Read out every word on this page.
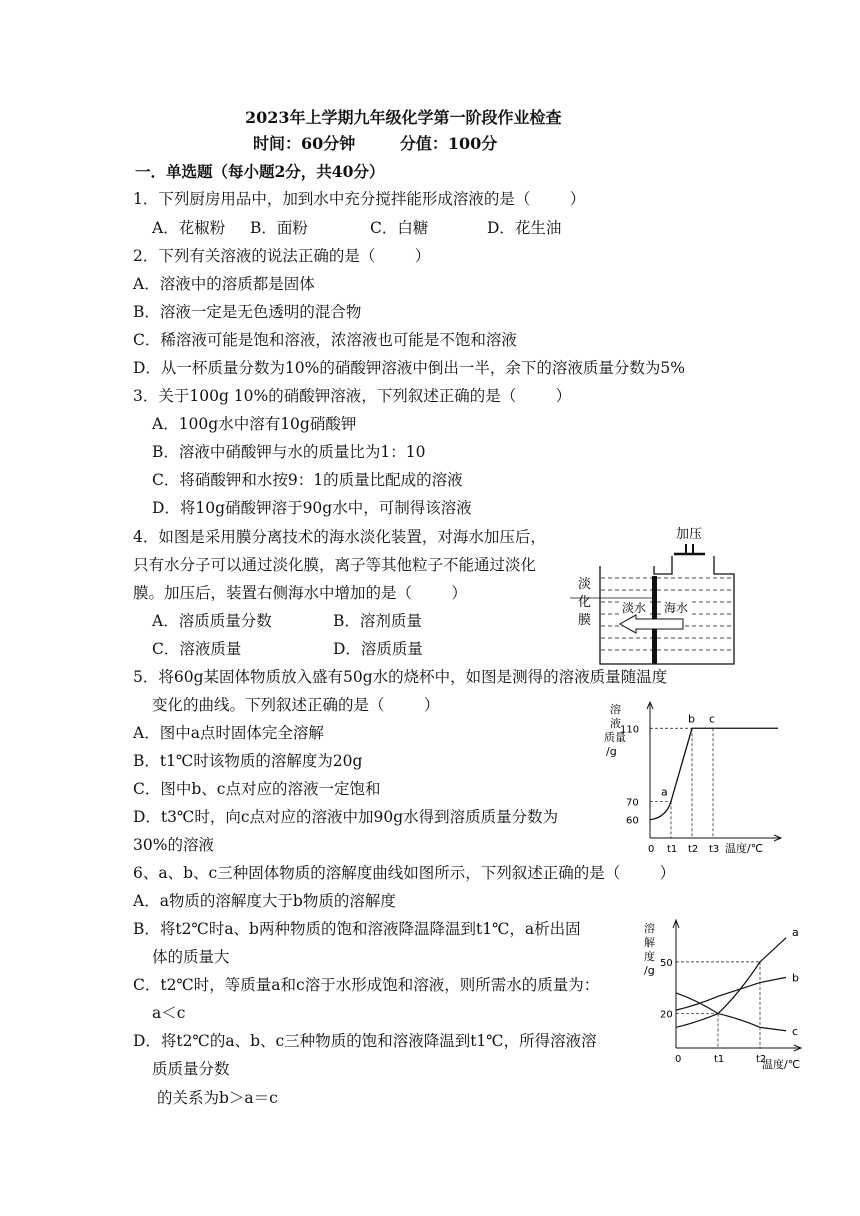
2023年上学期九年级化学第一阶段作业检查
时间：60分钟        分值：100分
一．单选题（每小题2分，共40分）
1．下列厨房用品中，加到水中充分搅拌能形成溶液的是（        ）
A．花椒粉 B．面粉	C．白糖	D．花生油
2．下列有关溶液的说法正确的是（        ）
A．溶液中的溶质都是固体
B．溶液一定是无色透明的混合物
C．稀溶液可能是饱和溶液，浓溶液也可能是不饱和溶液
D．从一杯质量分数为10%的硝酸钾溶液中倒出一半，余下的溶液质量分数为5%
3．关于100g 10%的硝酸钾溶液，下列叙述正确的是（        ）
A．100g水中溶有10g硝酸钾
B．溶液中硝酸钾与水的质量比为1：10
C．将硝酸钾和水按9：1的质量比配成的溶液
D．将10g硝酸钾溶于90g水中，可制得该溶液
4．如图是采用膜分离技术的海水淡化装置，对海水加压后，
只有水分子可以通过淡化膜，离子等其他粒子不能通过淡化
膜。加压后，装置右侧海水中增加的是（        ）
A．溶质质量分数	B．溶剂质量
C．溶液质量	D．溶质质量
加压
淡
化
膜
淡水 海水
5．将60g某固体物质放入盛有50g水的烧杯中，如图是测得的溶液质量随温度
变化的曲线。下列叙述正确的是（        ）
A．图中a点时固体完全溶解
B．t1℃时该物质的溶解度为20g
C．图中b、c点对应的溶液一定饱和
D．t3℃时，向c点对应的溶液中加90g水得到溶质质量分数为
30%的溶液
溶
液
质量
/g
温度/℃
0 t1 t2 t3
60
70
110
a
b c
6、a、b、c三种固体物质的溶解度曲线如图所示，下列叙述正确的是（        ）
A．a物质的溶解度大于b物质的溶解度
B．将t2℃时a、b两种物质的饱和溶液降温降温到t1℃，a析出固
体的质量大
C．t2℃时，等质量a和c溶于水形成饱和溶液，则所需水的质量为：
a＜c
D．将t2℃的a、b、c三种物质的饱和溶液降温到t1℃，所得溶液溶
质质量分数
的关系为b＞a＝c
溶
解
度
/g
温度/℃
0	t1	t2
20
50
a
b
c
